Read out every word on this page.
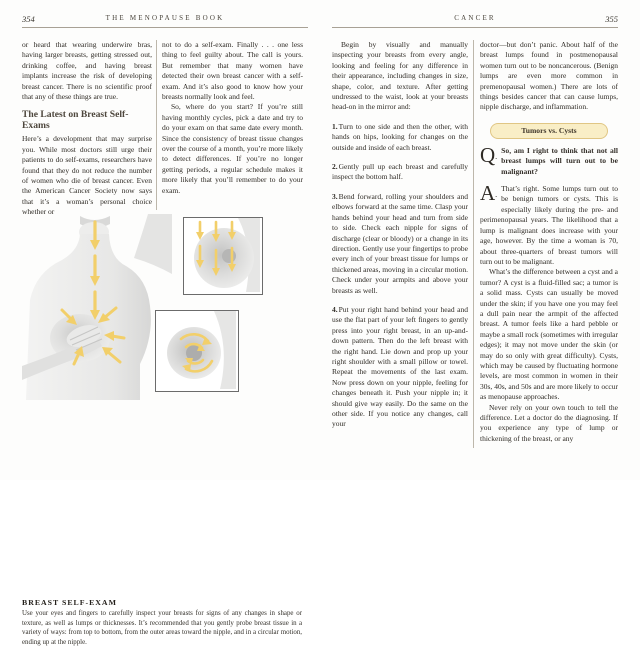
354	THE MENOPAUSE BOOK

or heard that wearing underwire bras, having larger breasts, getting stressed out, drinking coffee, and having breast implants increase the risk of developing breast cancer. There is no scientific proof that any of these things are true.

The Latest on Breast Self-Exams

Here’s a development that may surprise you. While most doctors still urge their patients to do self-exams, researchers have found that they do not reduce the number of women who die of breast cancer. Even the American Cancer Society now says that it’s a woman’s personal choice whether or

not to do a self-exam. Finally . . . one less thing to feel guilty about. The call is yours. But remember that many women have detected their own breast cancer with a self-exam. And it’s also good to know how your breasts normally look and feel.

So, where do you start? If you’re still having monthly cycles, pick a date and try to do your exam on that same date every month. Since the consistency of breast tissue changes over the course of a month, you’re more likely to detect differences. If you’re no longer getting periods, a regular schedule makes it more likely that you’ll remember to do your exam.

BREAST SELF-EXAM

Use your eyes and fingers to carefully inspect your breasts for signs of any changes in shape or texture, as well as lumps or thicknesses. It’s recommended that you gently probe breast tissue in a variety of ways: from top to bottom, from the outer areas toward the nipple, and in a circular motion, ending up at the nipple.

CANCER	355

Begin by visually and manually inspecting your breasts from every angle, looking and feeling for any difference in their appearance, including changes in size, shape, color, and texture. After getting undressed to the waist, look at your breasts head-on in the mirror and:

1.Turn to one side and then the other, with hands on hips, looking for changes on the outside and inside of each breast.

2.Gently pull up each breast and carefully inspect the bottom half.

3.Bend forward, rolling your shoulders and elbows forward at the same time. Clasp your hands behind your head and turn from side to side. Check each nipple for signs of discharge (clear or bloody) or a change in its direction. Gently use your fingertips to probe every inch of your breast tissue for lumps or thickened areas, moving in a circular motion. Check under your armpits and above your breasts as well.

4.Put your right hand behind your head and use the flat part of your left fingers to gently press into your right breast, in an up-and-down pattern. Then do the left breast with the right hand. Lie down and prop up your right shoulder with a small pillow or towel. Repeat the movements of the last exam. Now press down on your nipple, feeling for changes beneath it. Push your nipple in; it should give way easily. Do the same on the other side. If you notice any changes, call your

doctor—but don’t panic. About half of the breast lumps found in postmenopausal women turn out to be noncancerous. (Benign lumps are even more common in premenopausal women.) There are lots of things besides cancer that can cause lumps, nipple discharge, and inflammation.

Tumors vs. Cysts
Q .

So, am I right to think that not all breast lumps will turn out to be malignant?

A .

That’s right. Some lumps turn out to be benign tumors or cysts. This is especially likely during the pre- and perimenopausal years. The likelihood that a lump is malignant does increase with your age, however. By the time a woman is 70, about three-quarters of breast tumors will turn out to be malignant.

What’s the difference between a cyst and a tumor? A cyst is a fluid-filled sac; a tumor is a solid mass. Cysts can usually be moved under the skin; if you have one you may feel a dull pain near the armpit of the affected breast. A tumor feels like a hard pebble or maybe a small rock (sometimes with irregular edges); it may not move under the skin (or may do so only with great difficulty). Cysts, which may be caused by fluctuating hormone levels, are most common in women in their 30s, 40s, and 50s and are more likely to occur as menopause approaches.

Never rely on your own touch to tell the difference. Let a doctor do the diagnosing. If you experience any type of lump or thickening of the breast, or any
